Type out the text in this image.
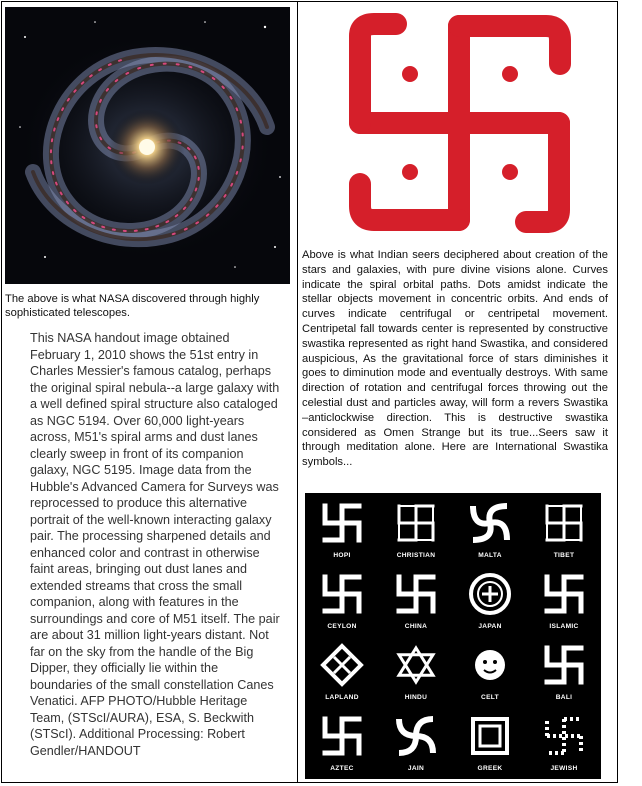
The above is what NASA discovered through highly sophisticated telescopes.
This NASA handout image obtained February 1, 2010 shows the 51st entry in Charles Messier's famous catalog, perhaps the original spiral nebula--a large galaxy with a well defined spiral structure also cataloged as NGC 5194. Over 60,000 light-years across, M51's spiral arms and dust lanes clearly sweep in front of its companion galaxy, NGC 5195. Image data from the Hubble's Advanced Camera for Surveys was reprocessed to produce this alternative portrait of the well-known interacting galaxy pair. The processing sharpened details and enhanced color and contrast in otherwise faint areas, bringing out dust lanes and extended streams that cross the small companion, along with features in the surroundings and core of M51 itself. The pair are about 31 million light-years distant. Not far on the sky from the handle of the Big Dipper, they officially lie within the boundaries of the small constellation Canes Venatici. AFP PHOTO/Hubble Heritage Team, (STScI/AURA), ESA, S. Beckwith (STScI). Additional Processing: Robert Gendler/HANDOUT
Above is what Indian seers deciphered about creation of the stars and galaxies, with pure divine visions alone. Curves indicate the spiral orbital paths. Dots amidst indicate the stellar objects movement in concentric orbits. And ends of curves indicate centrifugal or centripetal movement. Centripetal fall towards center is represented by constructive swastika represented as right hand Swastika, and considered auspicious, As the gravitational force of stars diminishes it goes to diminution mode and eventually destroys. With same direction of rotation and centrifugal forces throwing out the celestial dust and particles away, will form a revers Swastika –anticlockwise direction. This is destructive swastika considered as Omen Strange but its true...Seers saw it through meditation alone. Here are International Swastika symbols...
HOPI	CHRISTIAN	MALTA	TIBET
CEYLON	CHINA	JAPAN	ISLAMIC
LAPLAND	HINDU	CELT	BALI
AZTEC	JAIN	GREEK	JEWISH
